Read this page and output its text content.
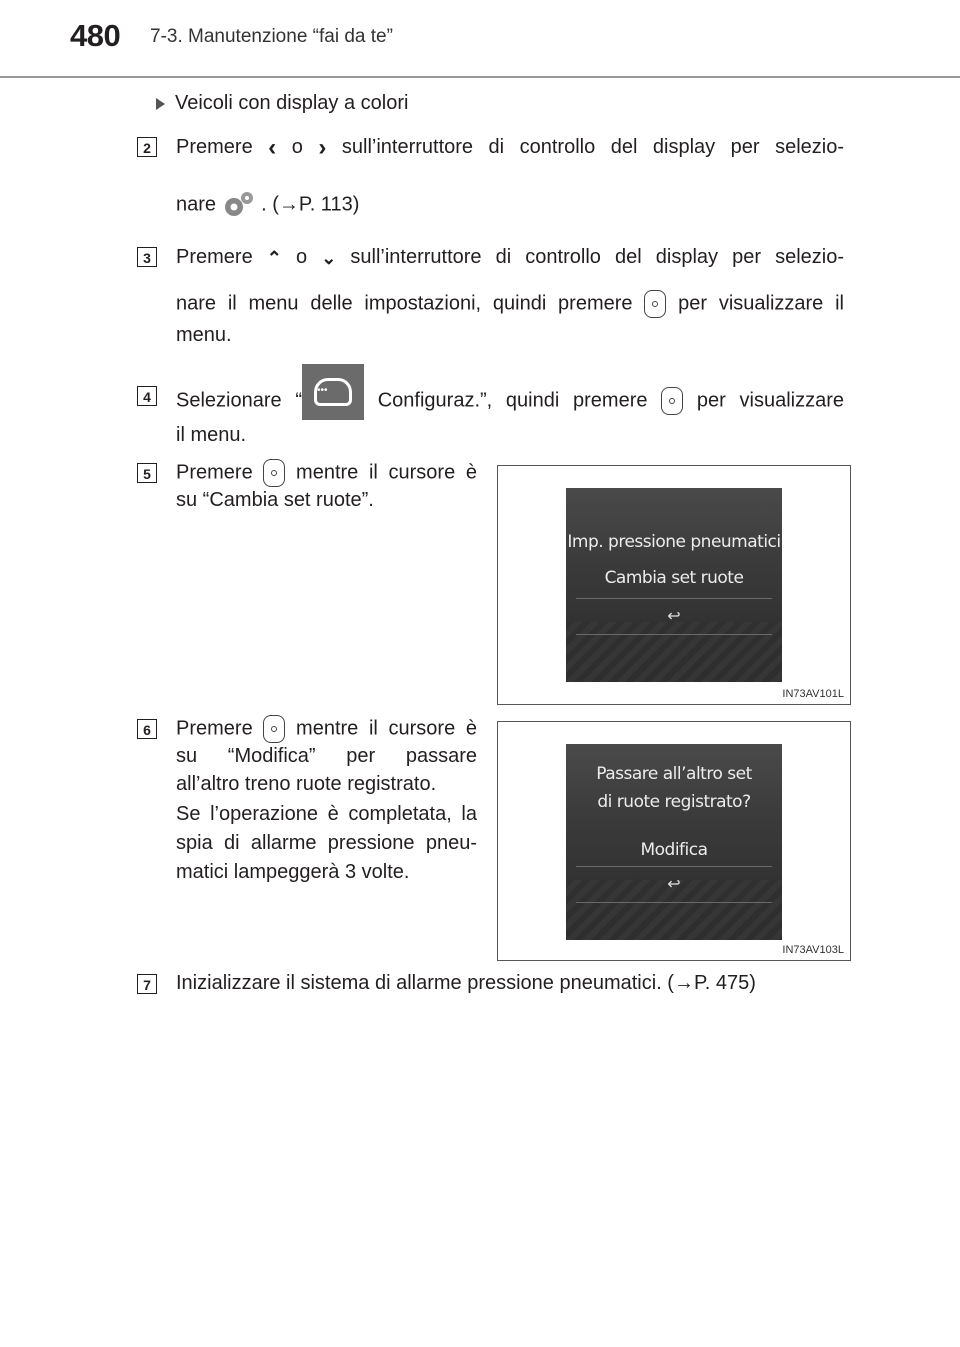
480 7-3. Manutenzione “fai da te”
Veicoli con display a colori
2	Premere ‹ o › sull’interruttore di controllo del display per selezio-
nare . (→P. 113)
3	Premere ⌃ o ⌄ sull’interruttore di controllo del display per selezio-
nare il menu delle impostazioni, quindi premere per visualizzare il
menu.
4	Selezionare “	•••	Configuraz.”, quindi premere per visualizzare
il menu.
5	Premere mentre il cursore è
su “Cambia set ruote”.
Imp. pressione pneumatici
Cambia set ruote
↩
IN73AV101L
6	Premere mentre il cursore è
su “Modifica” per passare
all’altro treno ruote registrato.
Se l’operazione è completata, la
spia di allarme pressione pneu-
matici lampeggerà 3 volte.
Passare all’altro set
di ruote registrato?
Modifica
↩
IN73AV103L
7	Inizializzare il sistema di allarme pressione pneumatici. (→P. 475)
